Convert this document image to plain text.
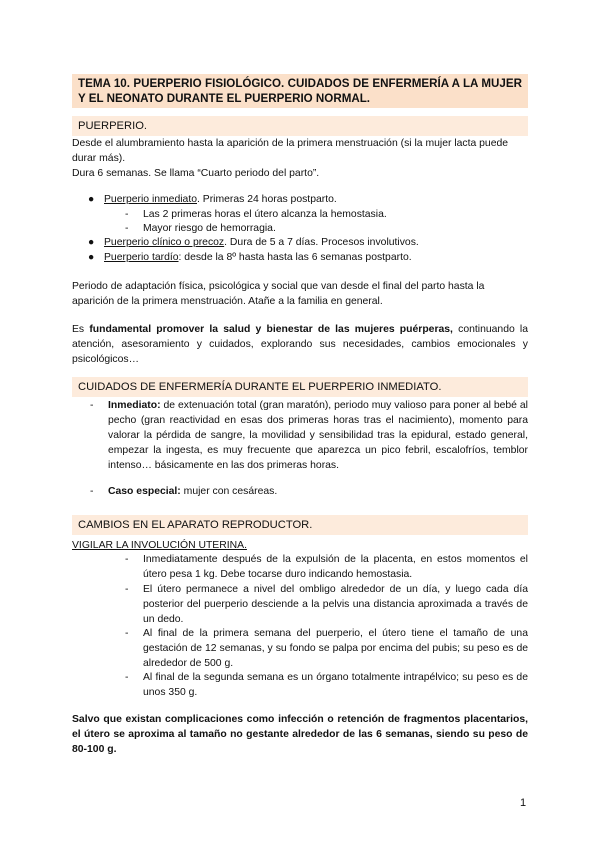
TEMA 10. PUERPERIO FISIOLÓGICO. CUIDADOS DE ENFERMERÍA A LA MUJER Y EL NEONATO DURANTE EL PUERPERIO NORMAL.
PUERPERIO.

Desde el alumbramiento hasta la aparición de la primera menstruación (si la mujer lacta puede durar más).

Dura 6 semanas. Se llama “Cuarto periodo del parto”.

● Puerperio inmediato. Primeras 24 horas postparto.
-	Las 2 primeras horas el útero alcanza la hemostasia.
-	Mayor riesgo de hemorragia.
● Puerperio clínico o precoz. Dura de 5 a 7 días. Procesos involutivos.
● Puerperio tardío: desde la 8º hasta hasta las 6 semanas postparto.

Periodo de adaptación física, psicológica y social que van desde el final del parto hasta la aparición de la primera menstruación. Atañe a la familia en general.

Es fundamental promover la salud y bienestar de las mujeres puérperas, continuando la atención, asesoramiento y cuidados, explorando sus necesidades, cambios emocionales y psicológicos…

CUIDADOS DE ENFERMERÍA DURANTE EL PUERPERIO INMEDIATO.
-	Inmediato: de extenuación total (gran maratón), periodo muy valioso para poner al bebé al pecho (gran reactividad en esas dos primeras horas tras el nacimiento), momento para valorar la pérdida de sangre, la movilidad y sensibilidad tras la epidural, estado general, empezar la ingesta, es muy frecuente que aparezca un pico febril, escalofríos, temblor intenso… básicamente en las dos primeras horas.
-	Caso especial: mujer con cesáreas.
CAMBIOS EN EL APARATO REPRODUCTOR.
VIGILAR LA INVOLUCIÓN UTERINA.
-	Inmediatamente después de la expulsión de la placenta, en estos momentos el útero pesa 1 kg. Debe tocarse duro indicando hemostasia.
-	El útero permanece a nivel del ombligo alrededor de un día, y luego cada día posterior del puerperio desciende a la pelvis una distancia aproximada a través de un dedo.
-	Al final de la primera semana del puerperio, el útero tiene el tamaño de una gestación de 12 semanas, y su fondo se palpa por encima del pubis; su peso es de alrededor de 500 g.
-	Al final de la segunda semana es un órgano totalmente intrapélvico; su peso es de unos 350 g.

Salvo que existan complicaciones como infección o retención de fragmentos placentarios, el útero se aproxima al tamaño no gestante alrededor de las 6 semanas, siendo su peso de 80-100 g.

1
